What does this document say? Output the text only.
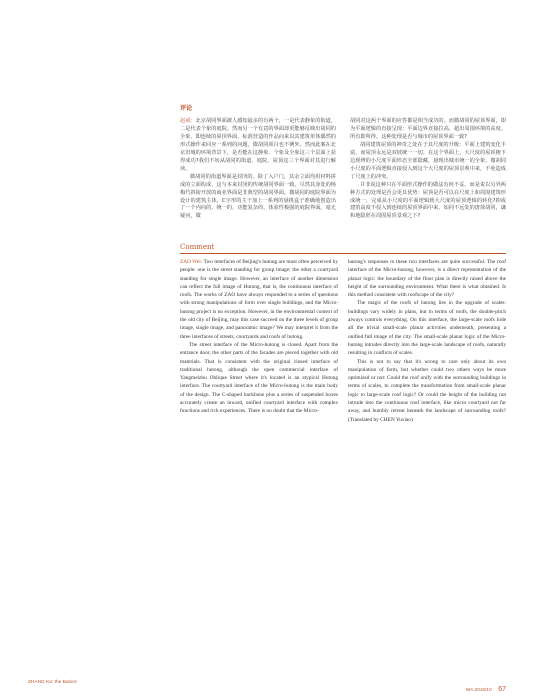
评论

赵威：北京胡同界面被人感知最多的有两个，一是代表静象的街道，二是代表个象的庭院。然而另一个有意的界面却更能够反映出胡同的全象，即连续的屋顶界面。标准营造的作品向来以其建筑单体偶然的形式操作来回应一系列的问题，微胡同项目也不例外。然而此案在北京旧城的环境背景下，是否能在这静象、个象及全象这三个层面上获得成功?我们不妨从胡同的街道、庭院、屋顶这三个界面对其进行解读。

微胡同的街道界面是封闭的。除了入户门，其余立面均用材料拼成的立面构成，这与本来封闭的传统胡同界面一致。尽然其身处的杨梅竹斜街开放的商业界面是非典型的胡同界面。微胡同的庭院界面为设计的建筑主体，C字形的主干加上一系列的悬挑盒子准确地创造出了一个内向的、统一的、功能复杂的、体验性极强的庭院界面。毫无疑问，微

胡同对这两个界面的应答都是相当成功的。而微胡同的屋顶界面，即为平面逻辑的直接呈现：平面边界直接拉高，超出周围环境的高度。所有即所得。这种处理是否与城市的屋顶界面一致?

胡同建筑屋顶的神奇之处在于其尺度的升级：平面上建筑变化丰富，而屋顶永远是双坡统一一切。在这个界面上，大尺度的屋顶掩下边现辨的小尺度平面形态全部隐藏，悬现出城市统一的全象。微胡同小尺度的平面逻辑直接侵入到这个大尺度的屋顶景观中来，不免造成了尺度上的冲突。

并非说这种只在平面形式操作的做法有何不妥，而是说以另外两种方式的处理是否会更具优势：屋顶是否可以在尺度上和周围建筑形成统一，完成从小尺度的平面逻辑到大尺度的屋顶逻辑的转化?抑或建筑高度不侵入到连续的屋顶界面中来，如同不远处的唐徐胡同，谦和地隐匿在周围屋顶景观之下?

Comment

ZAO Wei: Two interfaces of Beijing's hutong are most often perceived by people: one is the street standing for group image; the other a courtyard standing for single image. However, an interface of another dimension can reflect the full image of Hutong, that is, the continuous interface of roofs. The works of ZAO have always responded to a series of questions with strong manipulations of form over single buildings, and the Micro-hutong project is no exception. However, in the environmental context of the old city of Beijing, may this case succeed on the three levels of group image, single image, and panoramic image? We may interpret it from the three interfaces of streets, courtyards and roofs of hutong.

The street interface of the Micro-hutong is closed. Apart from the entrance door, the other parts of the facades are pieced together with old materials. That is consistent with the original closed interface of traditional hutong, although the open commercial interface of Yangmeizhu Oblique Street where it's located is an atypical Hutong interface. The courtyard interface of the Micro-hutong is the main body of the design. The C-shaped backbone plus a series of suspended boxes accurately create an inward, unified courtyard interface with complex functions and rich experiences. There is no doubt that the Micro-

hutong's responses to these two interfaces are quite successful. The roof interface of the Micro-hutong, however, is a direct representation of the planar logic: the boundary of the floor plan is directly raised above the height of the surrounding environment. What there is what obtained. Is this method consistent with roofscape of the city?

The magic of the roofs of hutong lies in the upgrade of scales: buildings vary widely in plans, but in terms of roofs, the double-pitch always controls everything. On this interface, the large-scale roofs hide all the trivial small-scale planar activities underneath, presenting a unified full image of the city. The small-scale planar logic of the Micro-hutong intrudes directly into the large-scale landscape of roofs, naturally resulting in conflicts of scales.

This is not to say that it's wrong to care only about its own manipulation of form, but whether could two others ways be more optimized or not: Could the roof unify with the surrounding buildings in terms of scales, to complete the transformation from small-scale planar logic to large-scale roof logic? Or could the height of the building not intrude into the continuous roof interface, like micro courtyard not far away, and humbly retreat beneath the landscape of surrounding roofs? (Translated by CHEN Yuxiao)

ZHANG Ke: the Basics
WA 2016/10 67
